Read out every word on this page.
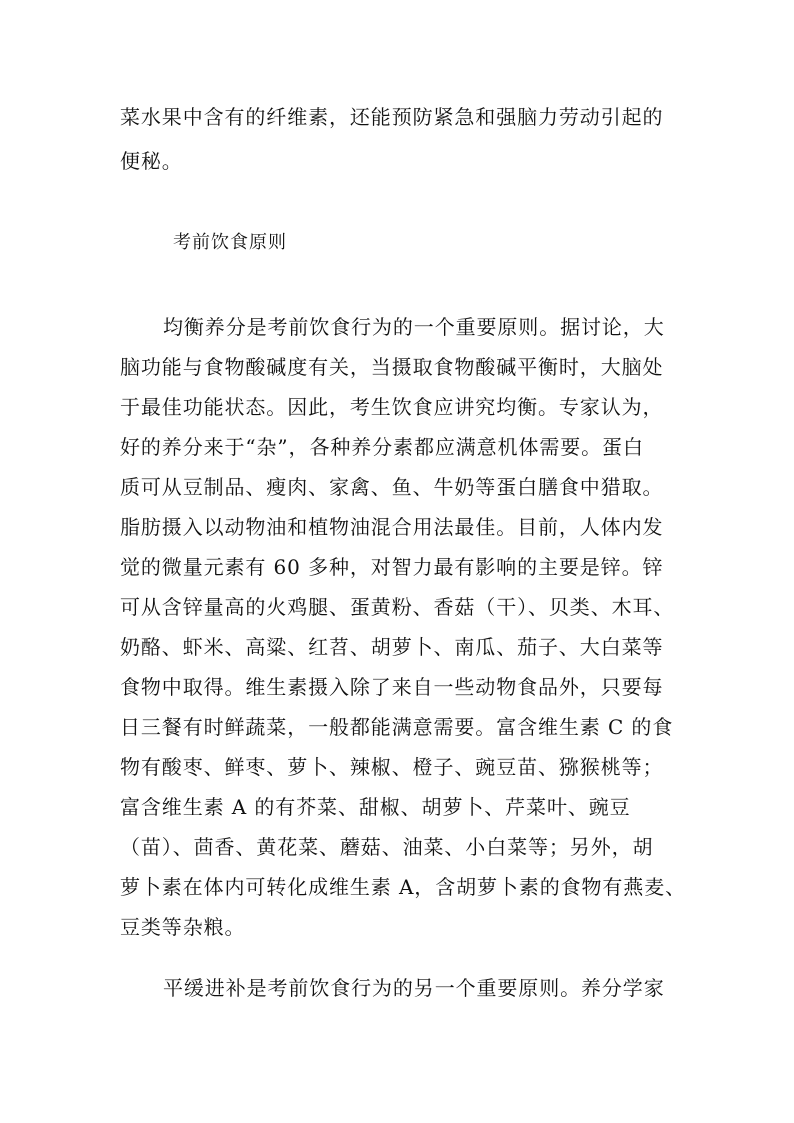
菜水果中含有的纤维素，还能预防紧急和强脑力劳动引起的
便秘。
考前饮食原则
均衡养分是考前饮食行为的一个重要原则。据讨论，大
脑功能与食物酸碱度有关，当摄取食物酸碱平衡时，大脑处
于最佳功能状态。因此，考生饮食应讲究均衡。专家认为，
好的养分来于“杂”，各种养分素都应满意机体需要。蛋白
质可从豆制品、瘦肉、家禽、鱼、牛奶等蛋白膳食中猎取。
脂肪摄入以动物油和植物油混合用法最佳。目前，人体内发
觉的微量元素有 60 多种，对智力最有影响的主要是锌。锌
可从含锌量高的火鸡腿、蛋黄粉、香菇（干）、贝类、木耳、
奶酪、虾米、高粱、红苕、胡萝卜、南瓜、茄子、大白菜等
食物中取得。维生素摄入除了来自一些动物食品外，只要每
日三餐有时鲜蔬菜，一般都能满意需要。富含维生素 C 的食
物有酸枣、鲜枣、萝卜、辣椒、橙子、豌豆苗、猕猴桃等；
富含维生素 A 的有芥菜、甜椒、胡萝卜、芹菜叶、豌豆
（苗）、茴香、黄花菜、蘑菇、油菜、小白菜等；另外，胡
萝卜素在体内可转化成维生素 A，含胡萝卜素的食物有燕麦、
豆类等杂粮。
平缓进补是考前饮食行为的另一个重要原则。养分学家
